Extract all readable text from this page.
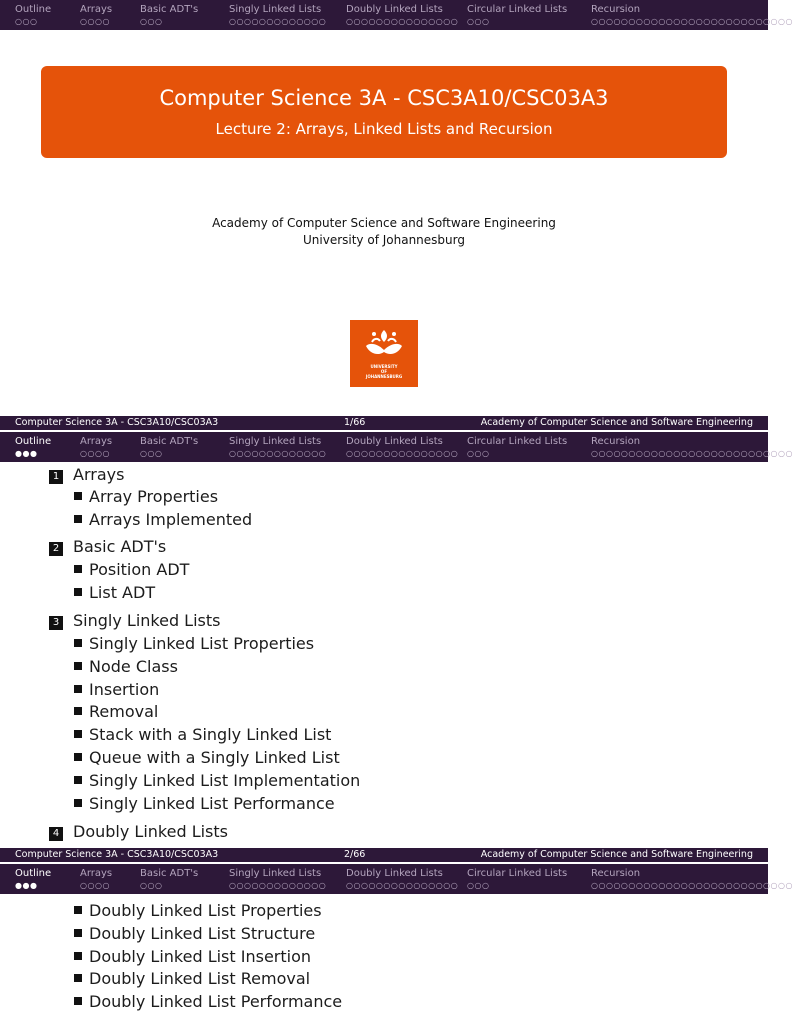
Outline
○○○
Arrays
○○○○
Basic ADT's
○○○
Singly Linked Lists
○○○○○○○○○○○○○
Doubly Linked Lists
○○○○○○○○○○○○○○○
Circular Linked Lists
○○○
Recursion
○○○○○○○○○○○○○○○○○○○○○○○○○○○
Computer Science 3A - CSC3A10/CSC03A3
Lecture 2: Arrays, Linked Lists and Recursion
Academy of Computer Science and Software Engineering
University of Johannesburg
UNIVERSITY
OF
JOHANNESBURG
Computer Science 3A - CSC3A10/CSC03A3	1/66	Academy of Computer Science and Software Engineering
Outline
●●●
Arrays
○○○○
Basic ADT's
○○○
Singly Linked Lists
○○○○○○○○○○○○○
Doubly Linked Lists
○○○○○○○○○○○○○○○
Circular Linked Lists
○○○
Recursion
○○○○○○○○○○○○○○○○○○○○○○○○○○○
1 Arrays
Array Properties
Arrays Implemented
2 Basic ADT's
Position ADT
List ADT
3 Singly Linked Lists
Singly Linked List Properties
Node Class
Insertion
Removal
Stack with a Singly Linked List
Queue with a Singly Linked List
Singly Linked List Implementation
Singly Linked List Performance
4 Doubly Linked Lists
Computer Science 3A - CSC3A10/CSC03A3	2/66	Academy of Computer Science and Software Engineering
Outline
●●●
Arrays
○○○○
Basic ADT's
○○○
Singly Linked Lists
○○○○○○○○○○○○○
Doubly Linked Lists
○○○○○○○○○○○○○○○
Circular Linked Lists
○○○
Recursion
○○○○○○○○○○○○○○○○○○○○○○○○○○○
Doubly Linked List Properties
Doubly Linked List Structure
Doubly Linked List Insertion
Doubly Linked List Removal
Doubly Linked List Performance
